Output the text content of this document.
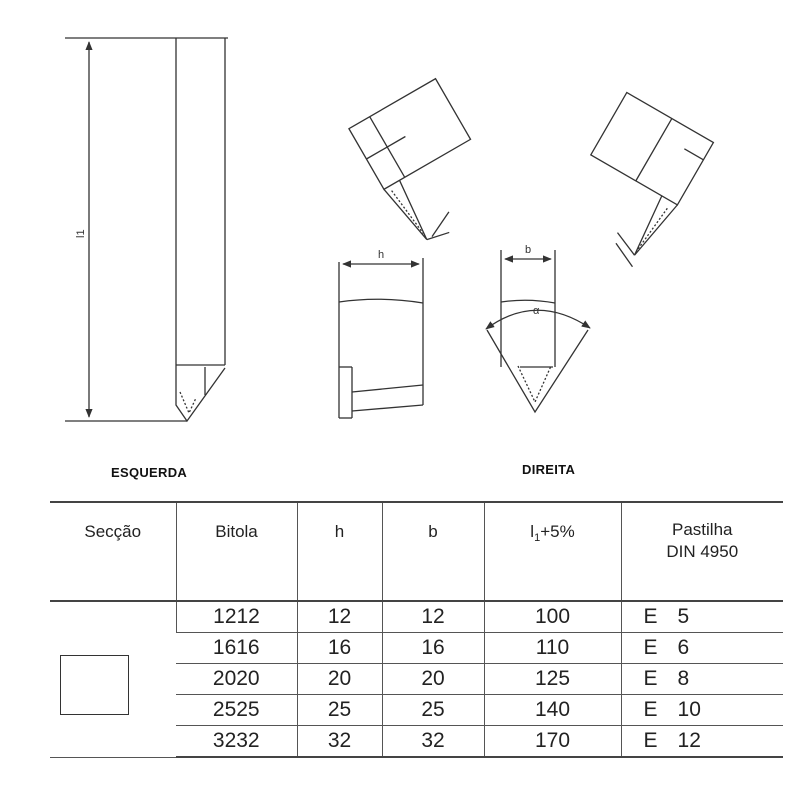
l1
h	b
α
ESQUERDA	DIREITA
Secção	Bitola	h	b	$l_1+5\%$	Pastilha
DIN 4950

	1212	12	12	100	E 5
	1616	16	16	110	E 6
	2020	20	20	125	E 8
	2525	25	25	140	E 10
	3232	32	32	170	E 12
